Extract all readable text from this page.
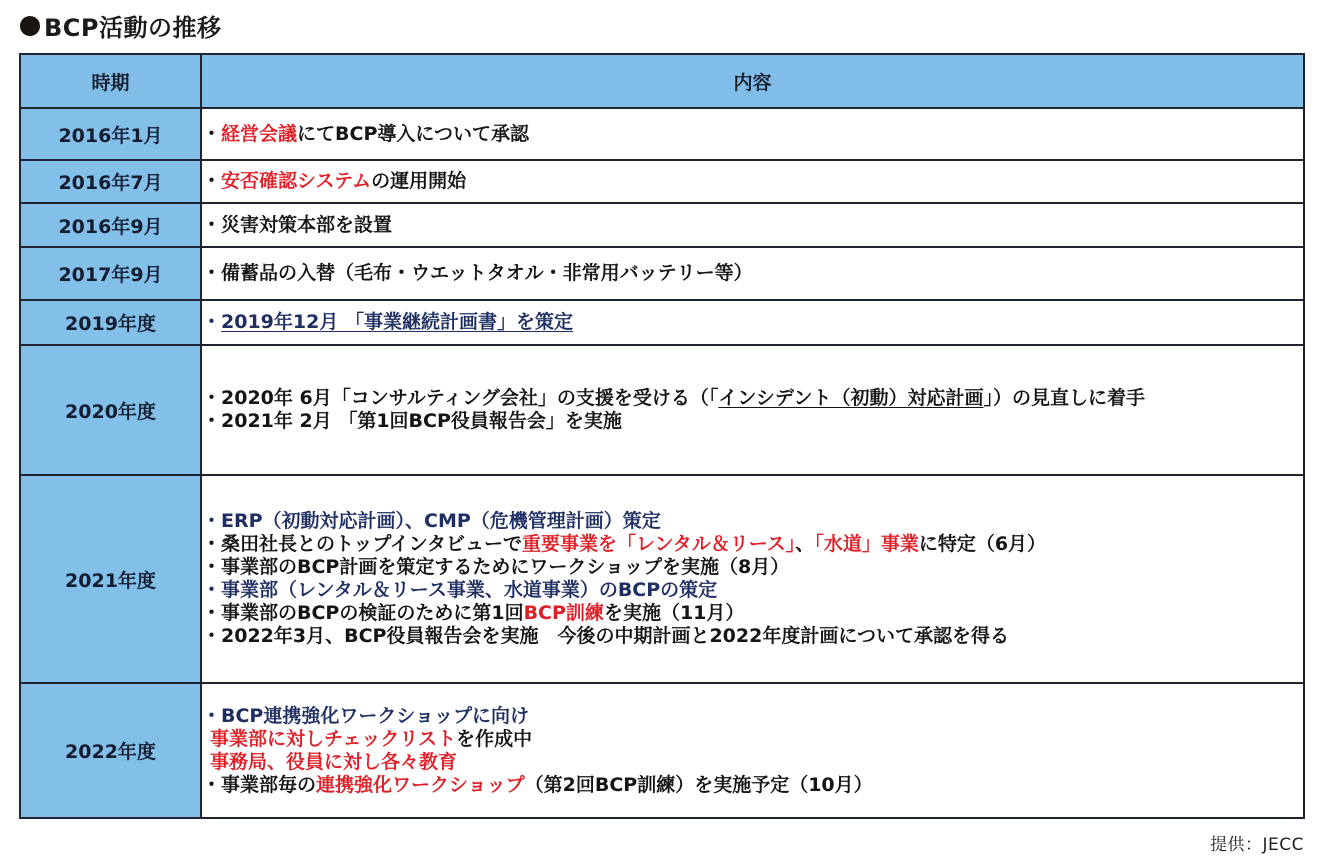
BCP活動の推移
時期	内容
2016年1月	・経営会議にてBCP導入について承認

2016年7月	・安否確認システムの運用開始

2016年9月	・災害対策本部を設置

2017年9月	・備蓄品の入替（毛布・ウエットタオル・非常用バッテリー等）

2019年度	・2019年12月 「事業継続計画書」を策定

2020年度	・2020年 6月「コンサルティング会社」の支援を受ける（「インシデント（初動）対応計画」）の見直しに着手
・2021年 2月 「第1回BCP役員報告会」を実施

2021年度	
・ERP（初動対応計画）、CMP（危機管理計画）策定
・桑田社長とのトップインタビューで重要事業を「レンタル＆リース」、「水道」事業に特定（6月）
・事業部のBCP計画を策定するためにワークショップを実施（8月）
・事業部（レンタル＆リース事業、水道事業）のBCPの策定
・事業部のBCPの検証のために第1回BCP訓練を実施（11月）
・2022年3月、BCP役員報告会を実施　今後の中期計画と2022年度計画について承認を得る

2022年度	・BCP連携強化ワークショップに向け
事業部に対しチェックリストを作成中
事務局、役員に対し各々教育
・事業部毎の連携強化ワークショップ（第2回BCP訓練）を実施予定（10月）
提供：JECC
